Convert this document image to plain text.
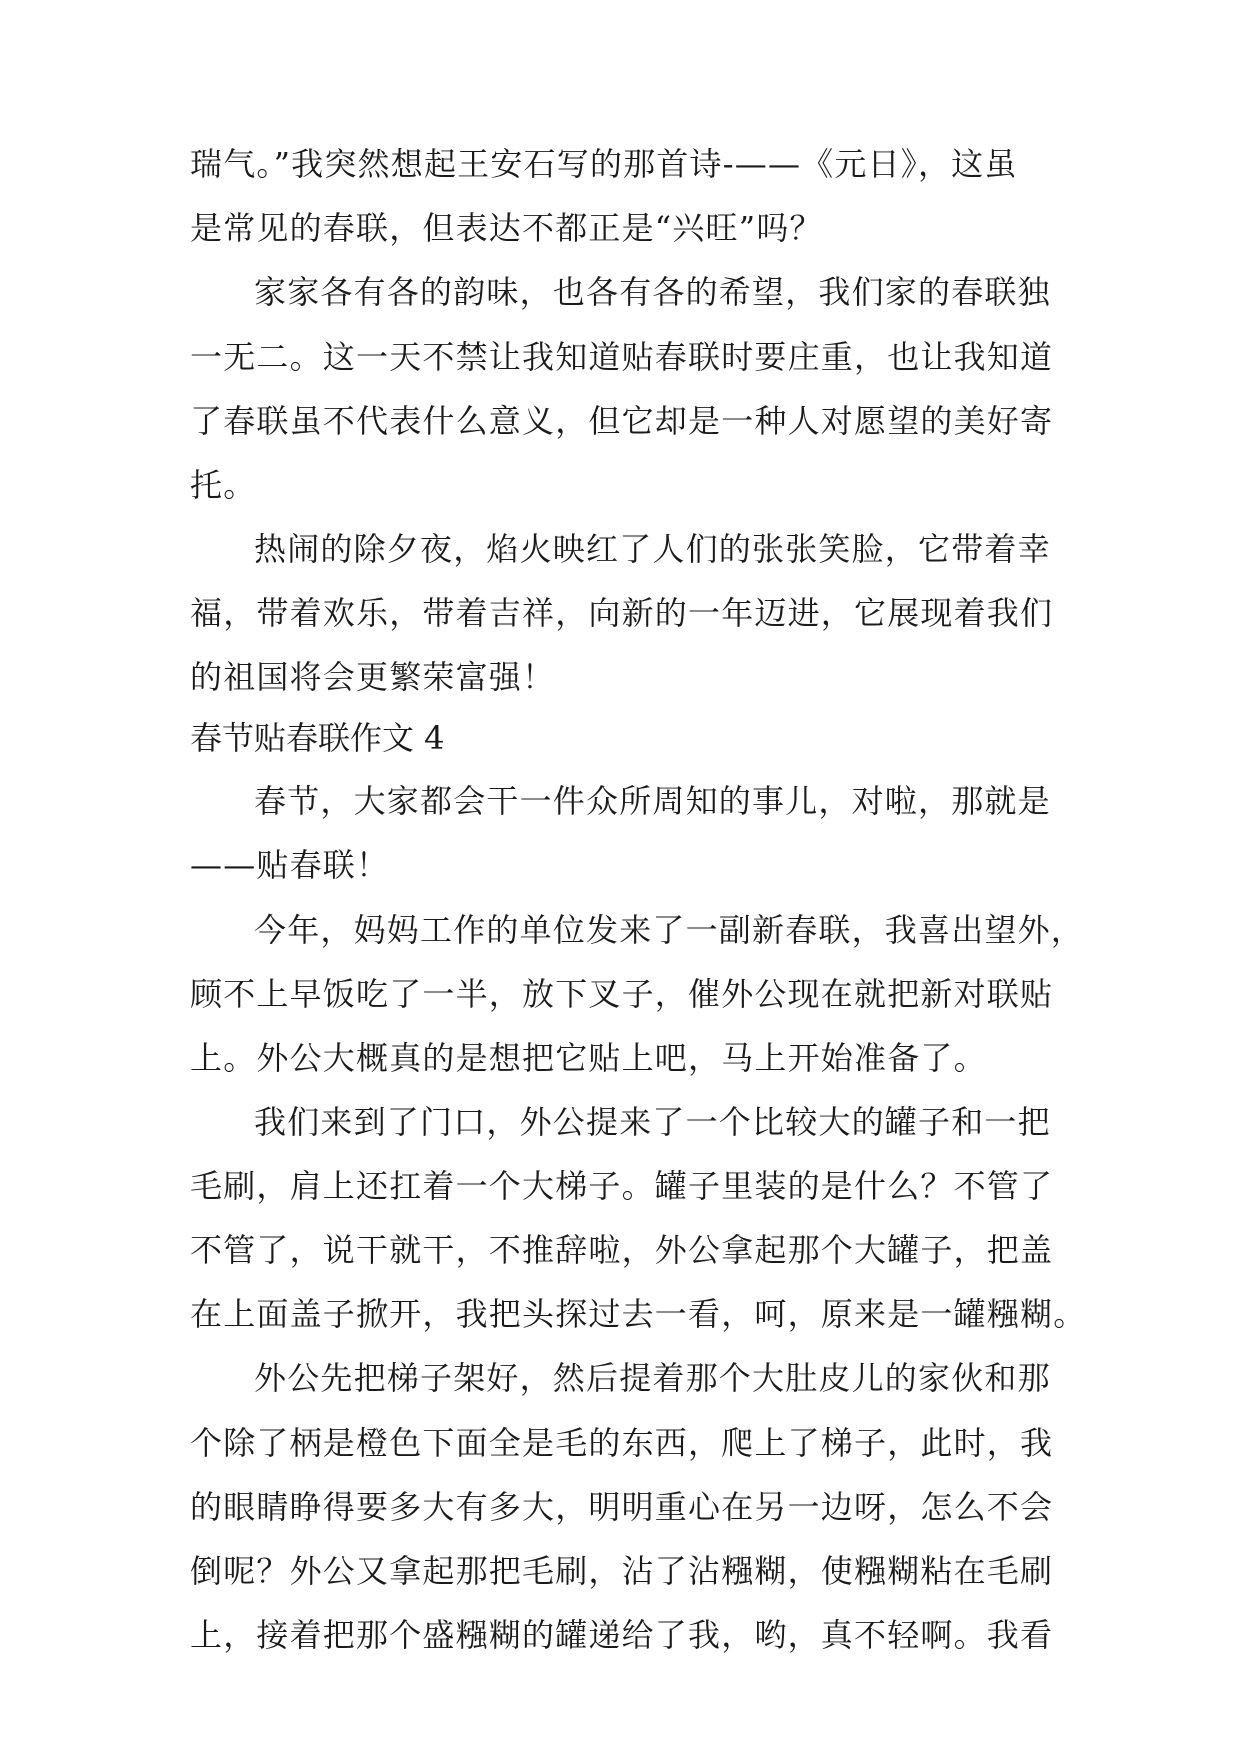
瑞气。”我突然想起王安石写的那首诗-——《元日》，这虽
是常见的春联，但表达不都正是“兴旺”吗？
家家各有各的韵味，也各有各的希望，我们家的春联独
一无二。这一天不禁让我知道贴春联时要庄重，也让我知道
了春联虽不代表什么意义，但它却是一种人对愿望的美好寄
托。
热闹的除夕夜，焰火映红了人们的张张笑脸，它带着幸
福，带着欢乐，带着吉祥，向新的一年迈进，它展现着我们
的祖国将会更繁荣富强！
春节贴春联作文 4
春节，大家都会干一件众所周知的事儿，对啦，那就是
——贴春联！
今年，妈妈工作的单位发来了一副新春联，我喜出望外，
顾不上早饭吃了一半，放下叉子，催外公现在就把新对联贴
上。外公大概真的是想把它贴上吧，马上开始准备了。
我们来到了门口，外公提来了一个比较大的罐子和一把
毛刷，肩上还扛着一个大梯子。罐子里装的是什么？不管了
不管了，说干就干，不推辞啦，外公拿起那个大罐子，把盖
在上面盖子掀开，我把头探过去一看，呵，原来是一罐糨糊。
外公先把梯子架好，然后提着那个大肚皮儿的家伙和那
个除了柄是橙色下面全是毛的东西，爬上了梯子，此时，我
的眼睛睁得要多大有多大，明明重心在另一边呀，怎么不会
倒呢？外公又拿起那把毛刷，沾了沾糨糊，使糨糊粘在毛刷
上，接着把那个盛糨糊的罐递给了我，哟，真不轻啊。我看
